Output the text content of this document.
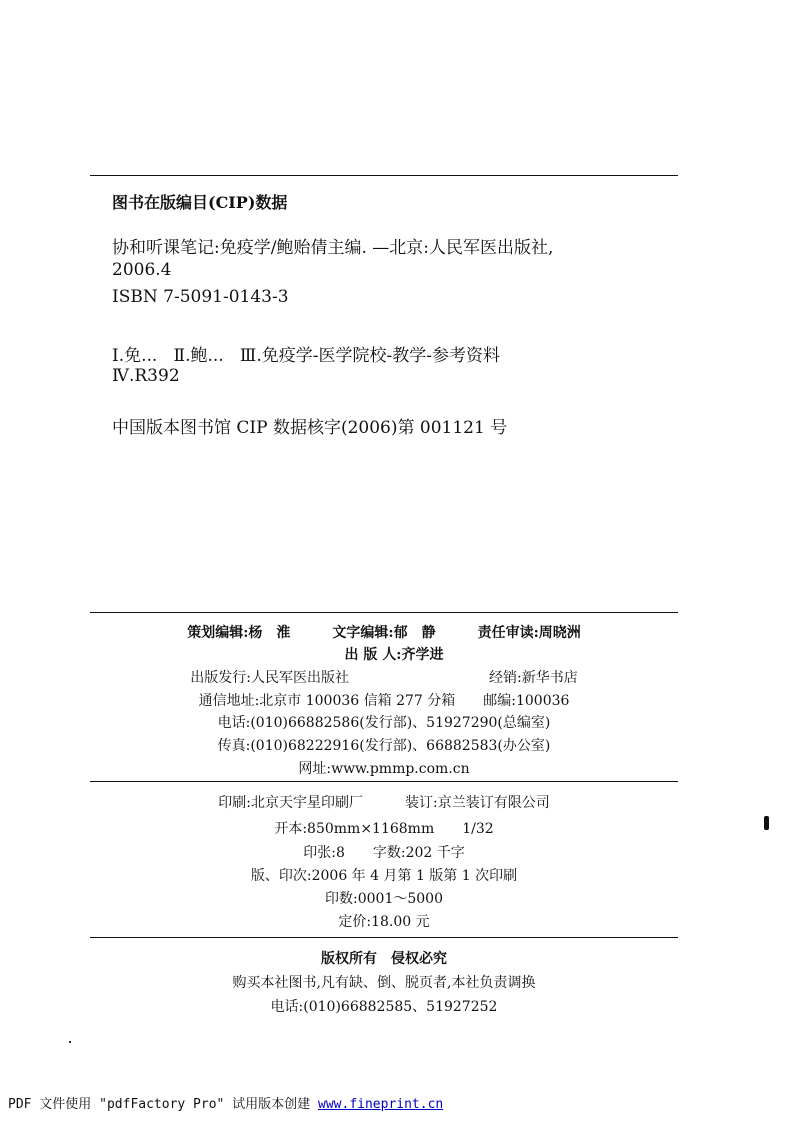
图书在版编目(CIP)数据
协和听课笔记:免疫学/鲍贻倩主编. —北京:人民军医出版社,
2006.4
ISBN 7-5091-0143-3
Ⅰ.免...   Ⅱ.鲍...   Ⅲ.免疫学-医学院校-教学-参考资料
Ⅳ.R392
中国版本图书馆 CIP 数据核字(2006)第 001121 号
策划编辑:杨　淮　　　文字编辑:郁　静　　　责任审读:周晓洲
出 版 人:齐学进
出版发行:人民军医出版社　　　　　　　　　　经销:新华书店
通信地址:北京市 100036 信箱 277 分箱　　邮编:100036
电话:(010)66882586(发行部)、51927290(总编室)
传真:(010)68222916(发行部)、66882583(办公室)
网址:www.pmmp.com.cn
印刷:北京天宇星印刷厂　　　装订:京兰装订有限公司
开本:850mm×1168mm　　1/32
印张:8　　字数:202 千字
版、印次:2006 年 4 月第 1 版第 1 次印刷
印数:0001～5000
定价:18.00 元
版权所有　侵权必究
购买本社图书,凡有缺、倒、脱页者,本社负责调换
电话:(010)66882585、51927252
PDF 文件使用 "pdfFactory Pro" 试用版本创建 www.fineprint.cn
